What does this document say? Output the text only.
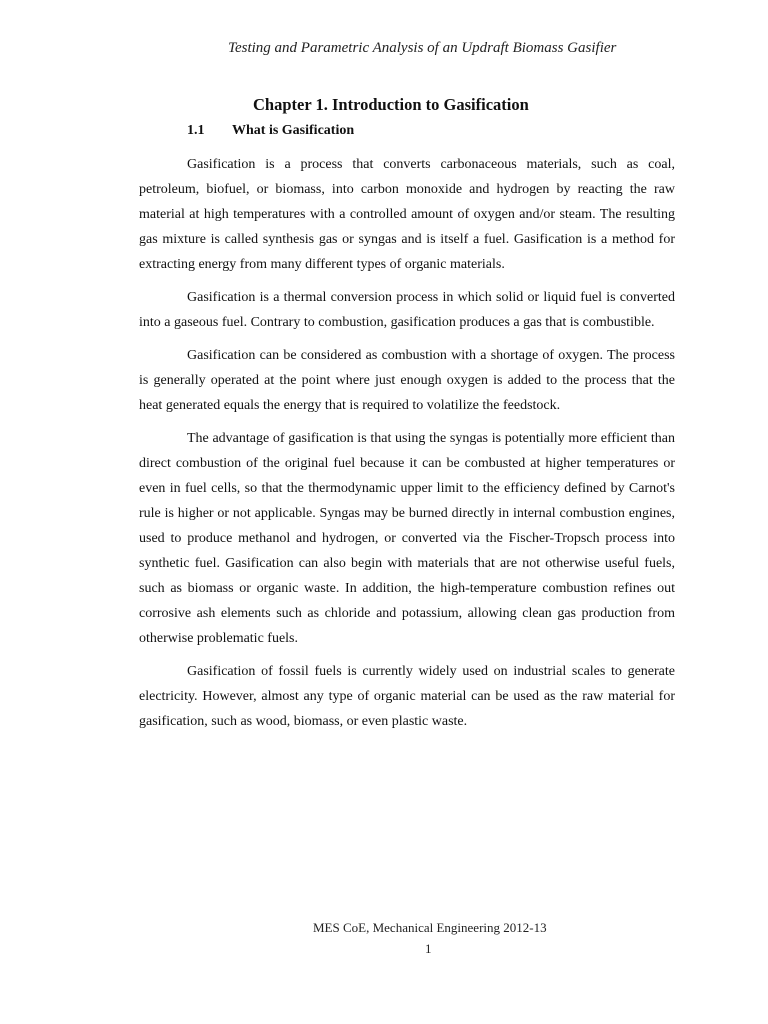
Testing and Parametric Analysis of an Updraft Biomass Gasifier
Chapter 1. Introduction to Gasification
1.1 What is Gasification

Gasification is a process that converts carbonaceous materials, such as coal, petroleum, biofuel, or biomass, into carbon monoxide and hydrogen by reacting the raw material at high temperatures with a controlled amount of oxygen and/or steam. The resulting gas mixture is called synthesis gas or syngas and is itself a fuel. Gasification is a method for extracting energy from many different types of organic materials.

Gasification is a thermal conversion process in which solid or liquid fuel is converted into a gaseous fuel. Contrary to combustion, gasification produces a gas that is combustible.

Gasification can be considered as combustion with a shortage of oxygen. The process is generally operated at the point where just enough oxygen is added to the process that the heat generated equals the energy that is required to volatilize the feedstock.

The advantage of gasification is that using the syngas is potentially more efficient than direct combustion of the original fuel because it can be combusted at higher temperatures or even in fuel cells, so that the thermodynamic upper limit to the efficiency defined by Carnot's rule is higher or not applicable. Syngas may be burned directly in internal combustion engines, used to produce methanol and hydrogen, or converted via the Fischer-Tropsch process into synthetic fuel. Gasification can also begin with materials that are not otherwise useful fuels, such as biomass or organic waste. In addition, the high-temperature combustion refines out corrosive ash elements such as chloride and potassium, allowing clean gas production from otherwise problematic fuels.

Gasification of fossil fuels is currently widely used on industrial scales to generate electricity. However, almost any type of organic material can be used as the raw material for gasification, such as wood, biomass, or even plastic waste.

MES CoE, Mechanical Engineering 2012-13
1
